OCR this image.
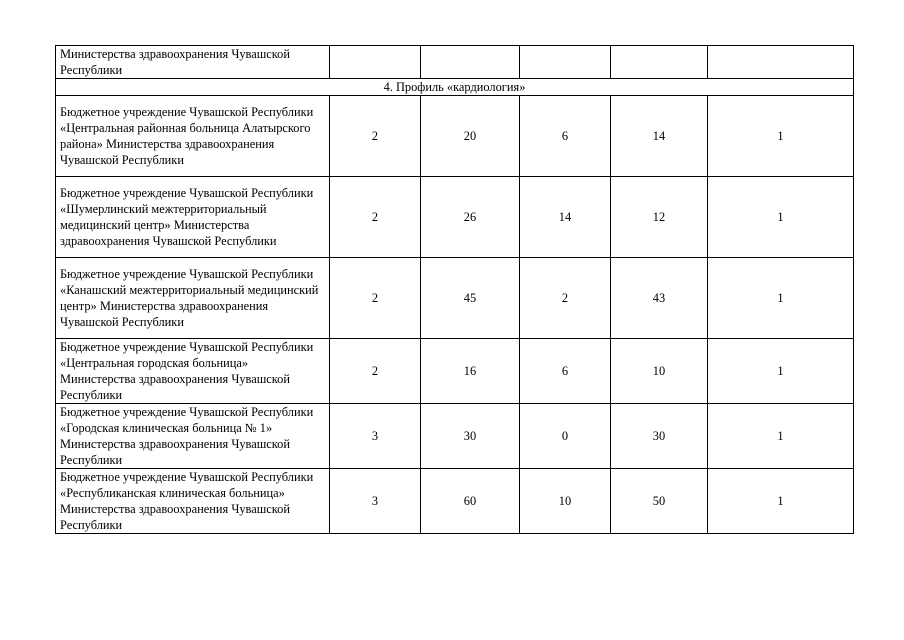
Министерства здравоохранения Чувашской Республики					
4. Профиль «кардиология»					
Бюджетное учреждение Чувашской Республики «Центральная районная больница Алатырского района» Министерства здравоохранения Чувашской Республики	2	20	6	14	1
Бюджетное учреждение Чувашской Республики «Шумерлинский межтерриториальный медицинский центр» Министерства здравоохранения Чувашской Республики	2	26	14	12	1
Бюджетное учреждение Чувашской Республики «Канашский межтерриториальный медицинский центр» Министерства здравоохранения Чувашской Республики	2	45	2	43	1
Бюджетное учреждение Чувашской Республики «Центральная городская больница» Министерства здравоохранения Чувашской Республики	2	16	6	10	1
Бюджетное учреждение Чувашской Республики «Городская клиническая больница № 1» Министерства здравоохранения Чувашской Республики	3	30	0	30	1
Бюджетное учреждение Чувашской Республики «Республиканская клиническая больница» Министерства здравоохранения Чувашской Республики	3	60	10	50	1
